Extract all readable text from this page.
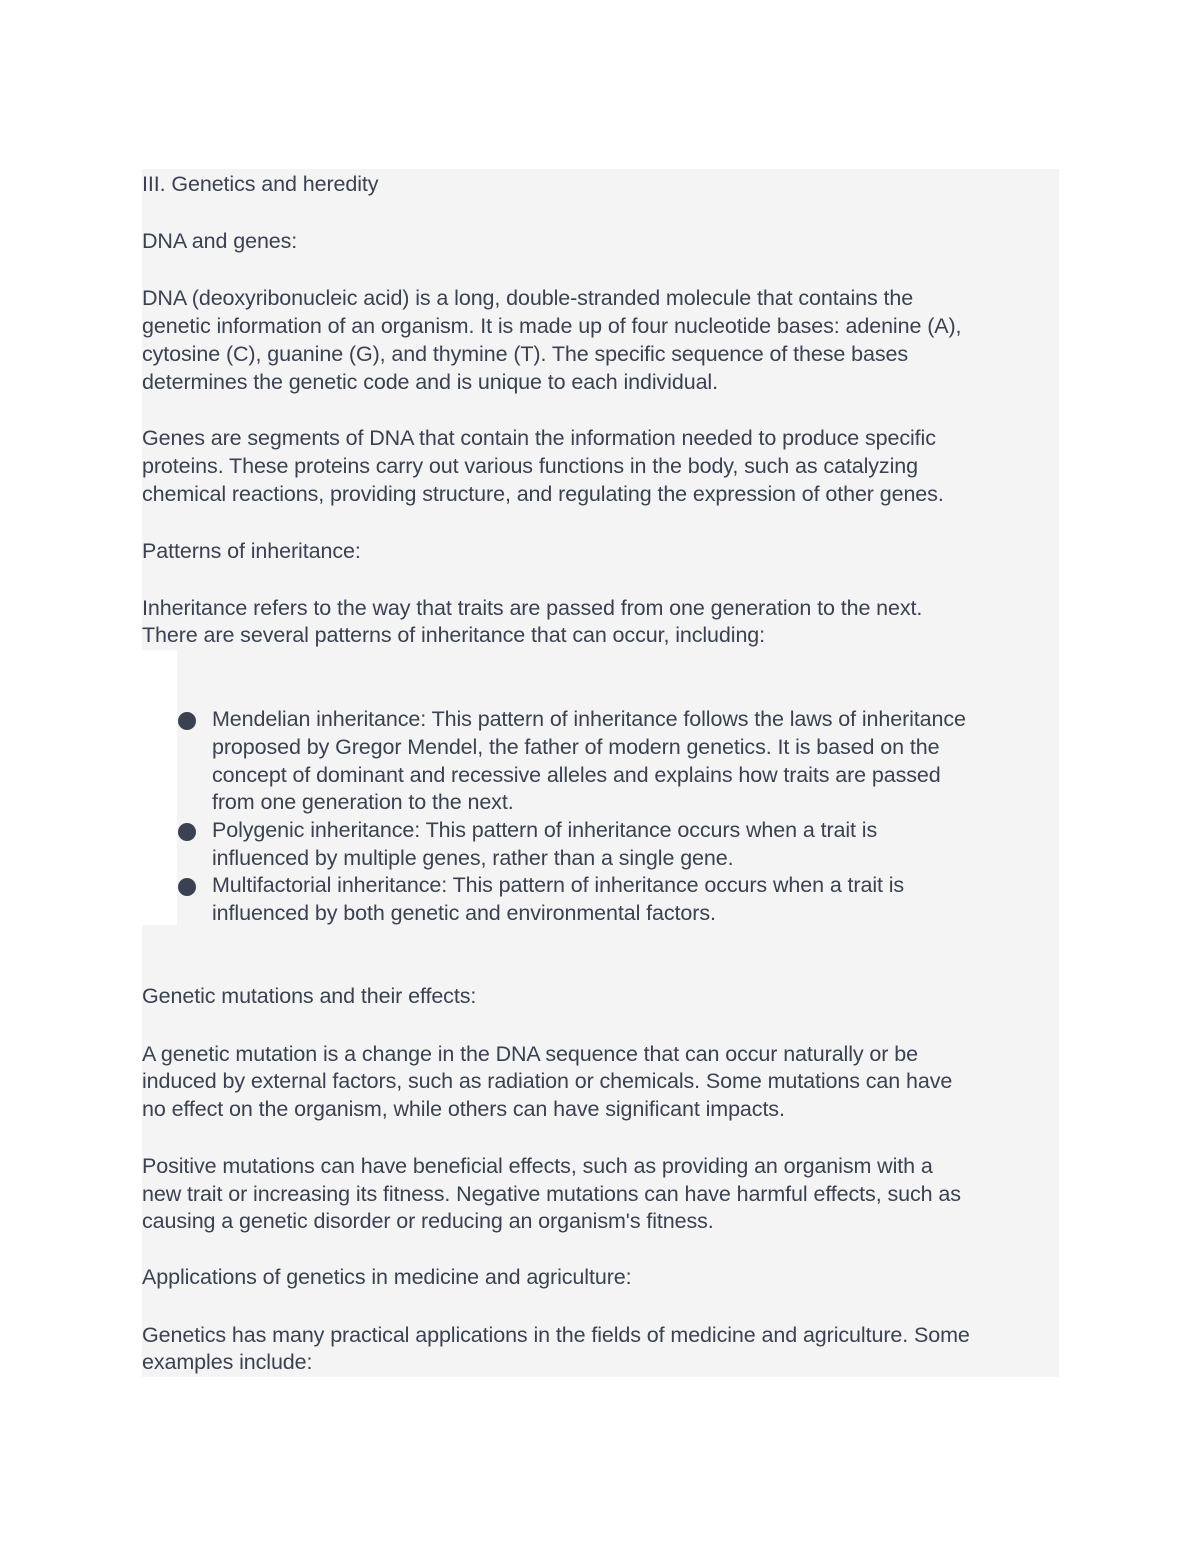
III. Genetics and heredity
DNA and genes:
DNA (deoxyribonucleic acid) is a long, double-stranded molecule that contains the
genetic information of an organism. It is made up of four nucleotide bases: adenine (A),
cytosine (C), guanine (G), and thymine (T). The specific sequence of these bases
determines the genetic code and is unique to each individual.
Genes are segments of DNA that contain the information needed to produce specific
proteins. These proteins carry out various functions in the body, such as catalyzing
chemical reactions, providing structure, and regulating the expression of other genes.
Patterns of inheritance:
Inheritance refers to the way that traits are passed from one generation to the next.
There are several patterns of inheritance that can occur, including:
Mendelian inheritance: This pattern of inheritance follows the laws of inheritance
proposed by Gregor Mendel, the father of modern genetics. It is based on the
concept of dominant and recessive alleles and explains how traits are passed
from one generation to the next.
Polygenic inheritance: This pattern of inheritance occurs when a trait is
influenced by multiple genes, rather than a single gene.
Multifactorial inheritance: This pattern of inheritance occurs when a trait is
influenced by both genetic and environmental factors.
Genetic mutations and their effects:
A genetic mutation is a change in the DNA sequence that can occur naturally or be
induced by external factors, such as radiation or chemicals. Some mutations can have
no effect on the organism, while others can have significant impacts.
Positive mutations can have beneficial effects, such as providing an organism with a
new trait or increasing its fitness. Negative mutations can have harmful effects, such as
causing a genetic disorder or reducing an organism's fitness.
Applications of genetics in medicine and agriculture:
Genetics has many practical applications in the fields of medicine and agriculture. Some
examples include:
